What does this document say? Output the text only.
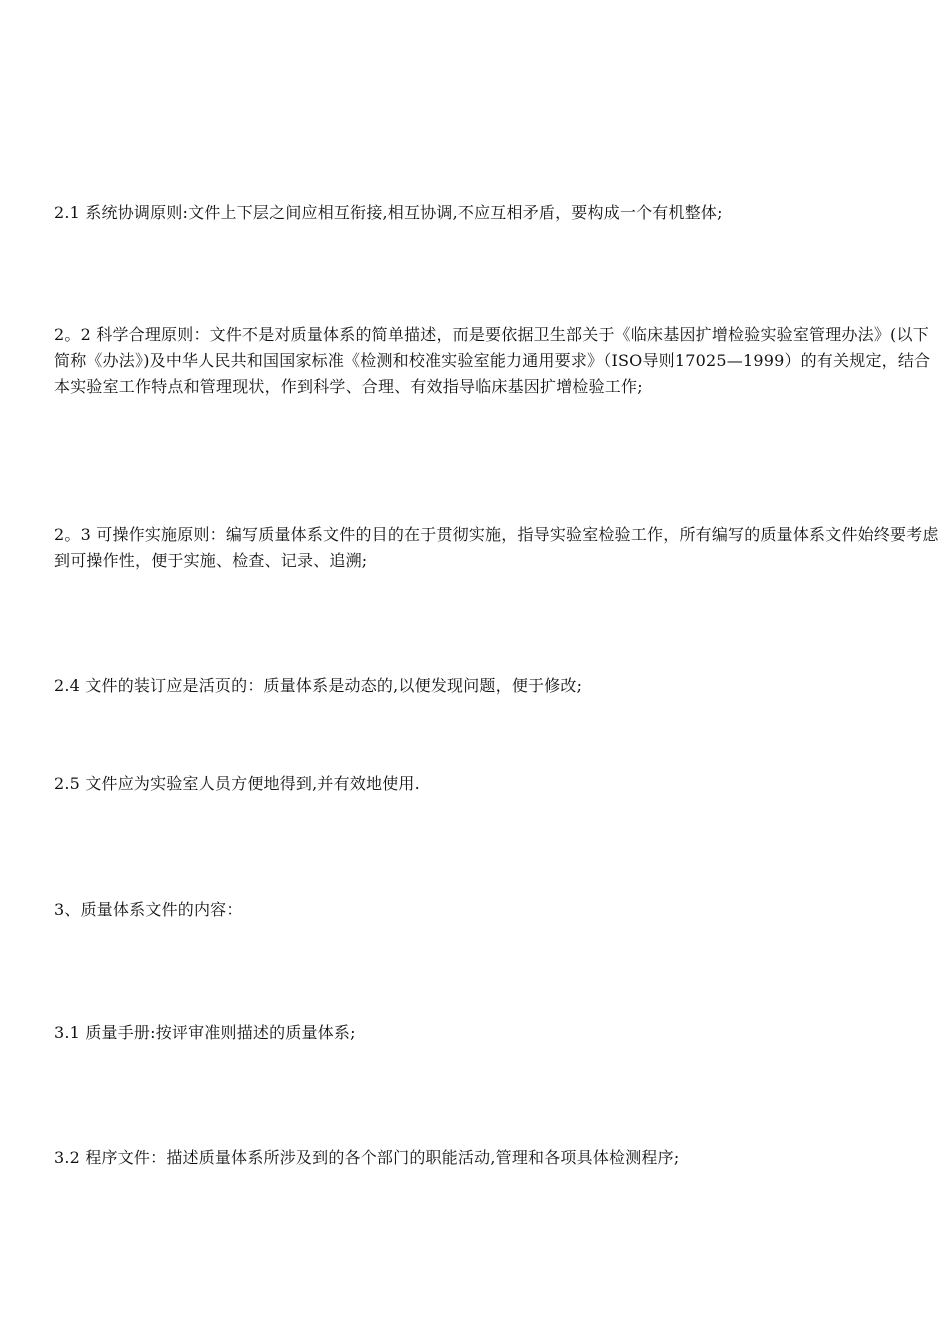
2.1 系统协调原则:文件上下层之间应相互衔接,相互协调,不应互相矛盾，要构成一个有机整体;

2。2 科学合理原则：文件不是对质量体系的简单描述，而是要依据卫生部关于《临床基因扩增检验实验室管理办法》(以下简称《办法》)及中华人民共和国国家标准《检测和校准实验室能力通用要求》（ISO导则17025—1999）的有关规定，结合本实验室工作特点和管理现状，作到科学、合理、有效指导临床基因扩增检验工作;

2。3 可操作实施原则：编写质量体系文件的目的在于贯彻实施，指导实验室检验工作，所有编写的质量体系文件始终要考虑到可操作性，便于实施、检查、记录、追溯;

2.4 文件的装订应是活页的：质量体系是动态的,以便发现问题，便于修改;

2.5 文件应为实验室人员方便地得到,并有效地使用.

3、质量体系文件的内容：

3.1 质量手册:按评审准则描述的质量体系;

3.2 程序文件：描述质量体系所涉及到的各个部门的职能活动,管理和各项具体检测程序;
